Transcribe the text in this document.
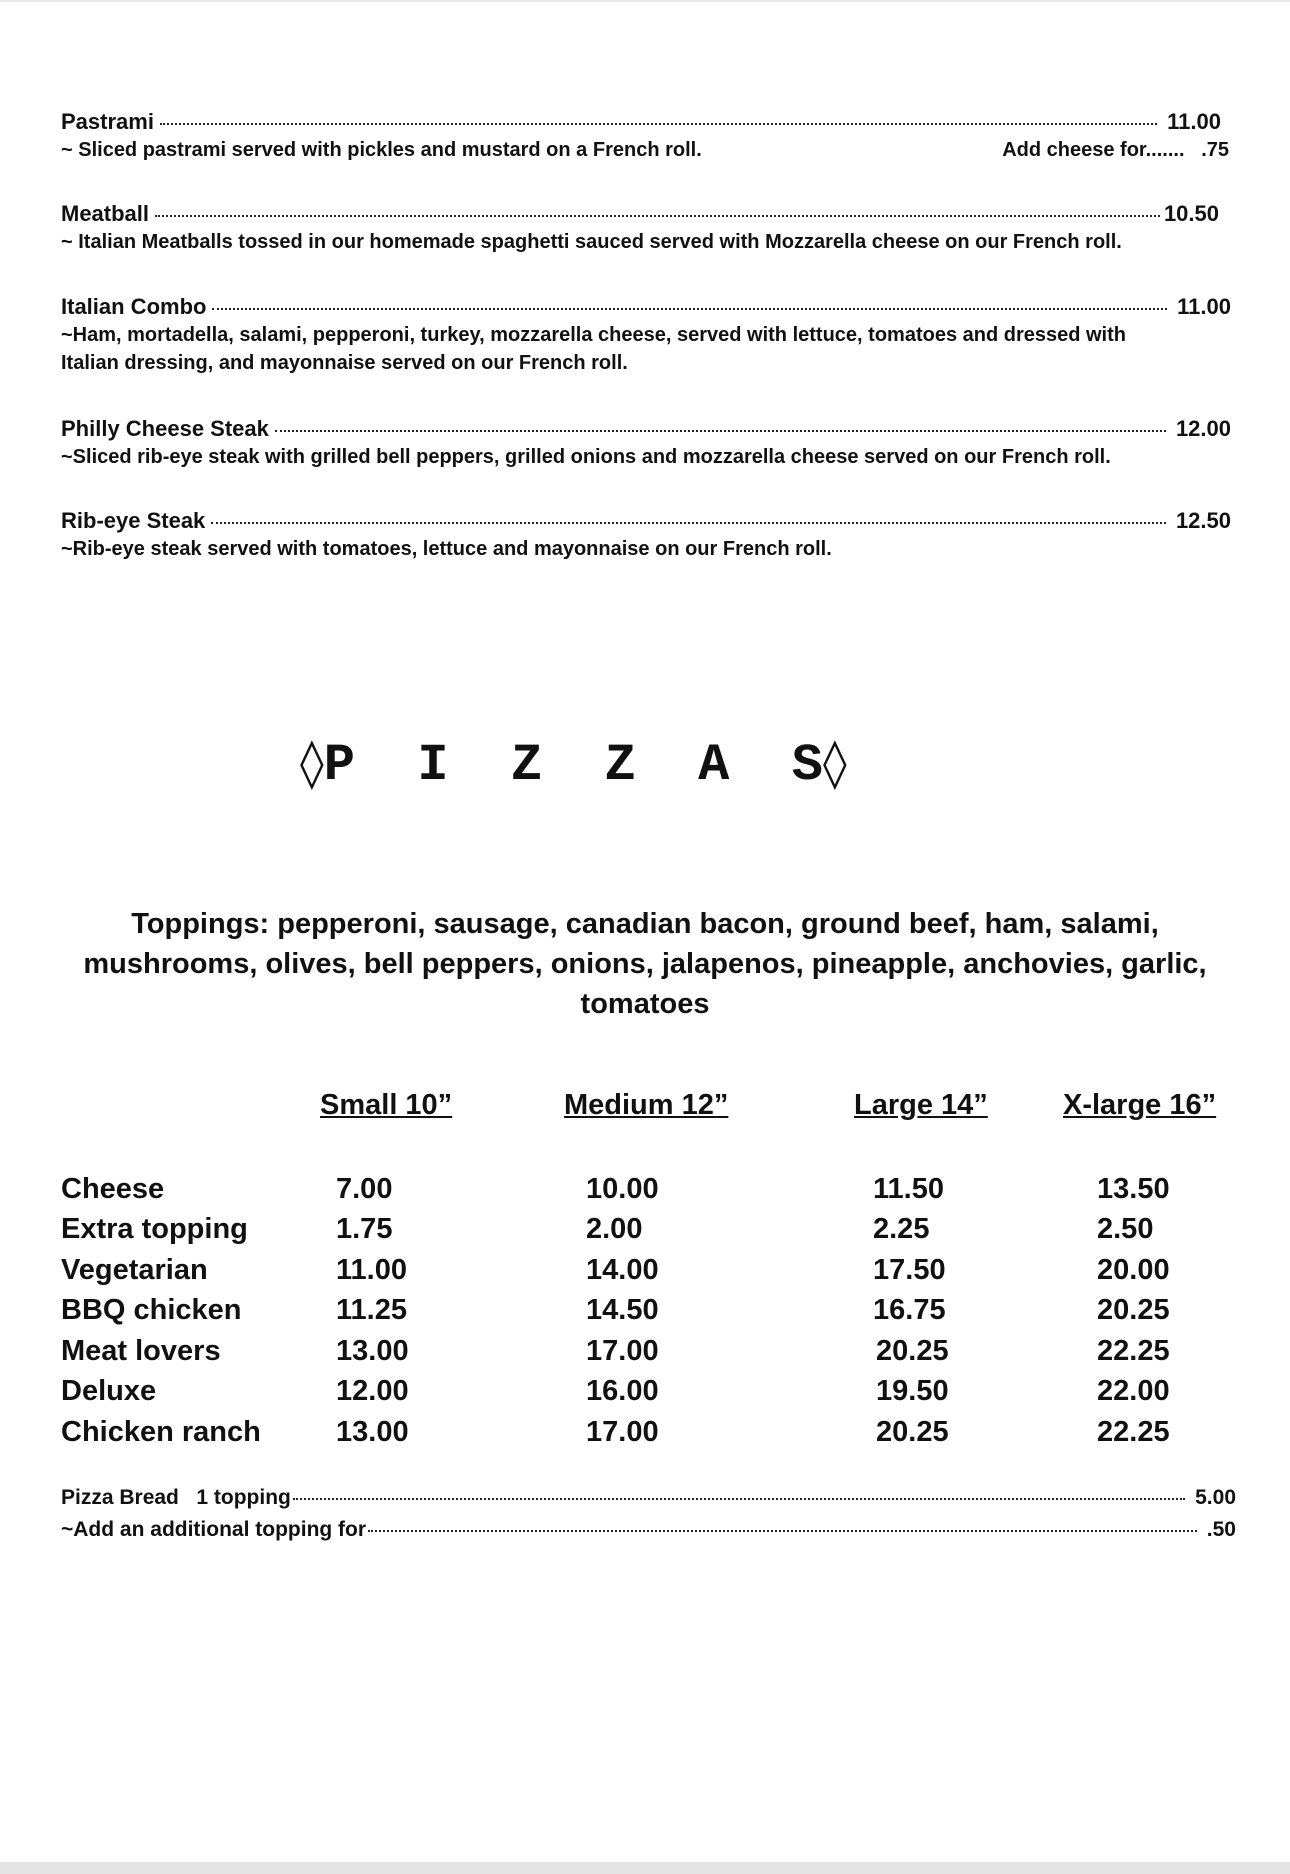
Pastrami	11.00
~ Sliced pastrami served with pickles and mustard on a French roll.	Add cheese for....... .75
Meatball	10.50
~ Italian Meatballs tossed in our homemade spaghetti sauced served with Mozzarella cheese on our French roll.
Italian Combo	11.00
~Ham, mortadella, salami, pepperoni, turkey, mozzarella cheese, served with lettuce, tomatoes and dressed with Italian dressing, and mayonnaise served on our French roll.
Philly Cheese Steak	12.00
~Sliced rib-eye steak with grilled bell peppers, grilled onions and mozzarella cheese served on our French roll.
Rib-eye Steak	12.50
~Rib-eye steak served with tomatoes, lettuce and mayonnaise on our French roll.
◊P  I  Z  Z  A  S◊
Toppings: pepperoni, sausage, canadian bacon, ground beef, ham, salami, mushrooms, olives, bell peppers, onions, jalapenos, pineapple, anchovies, garlic, tomatoes
Small 10”	Medium 12”	Large 14”	X-large 16”
Cheese	7.00	10.00	11.50	13.50
Extra topping	1.75	2.00	2.25	2.50
Vegetarian	11.00	14.00	17.50	20.00
BBQ chicken	11.25	14.50	16.75	20.25
Meat lovers	13.00	17.00	20.25	22.25
Deluxe	12.00	16.00	19.50	22.00
Chicken ranch	13.00	17.00	20.25	22.25
Pizza Bread   1 topping	5.00
~Add an additional topping for	.50
